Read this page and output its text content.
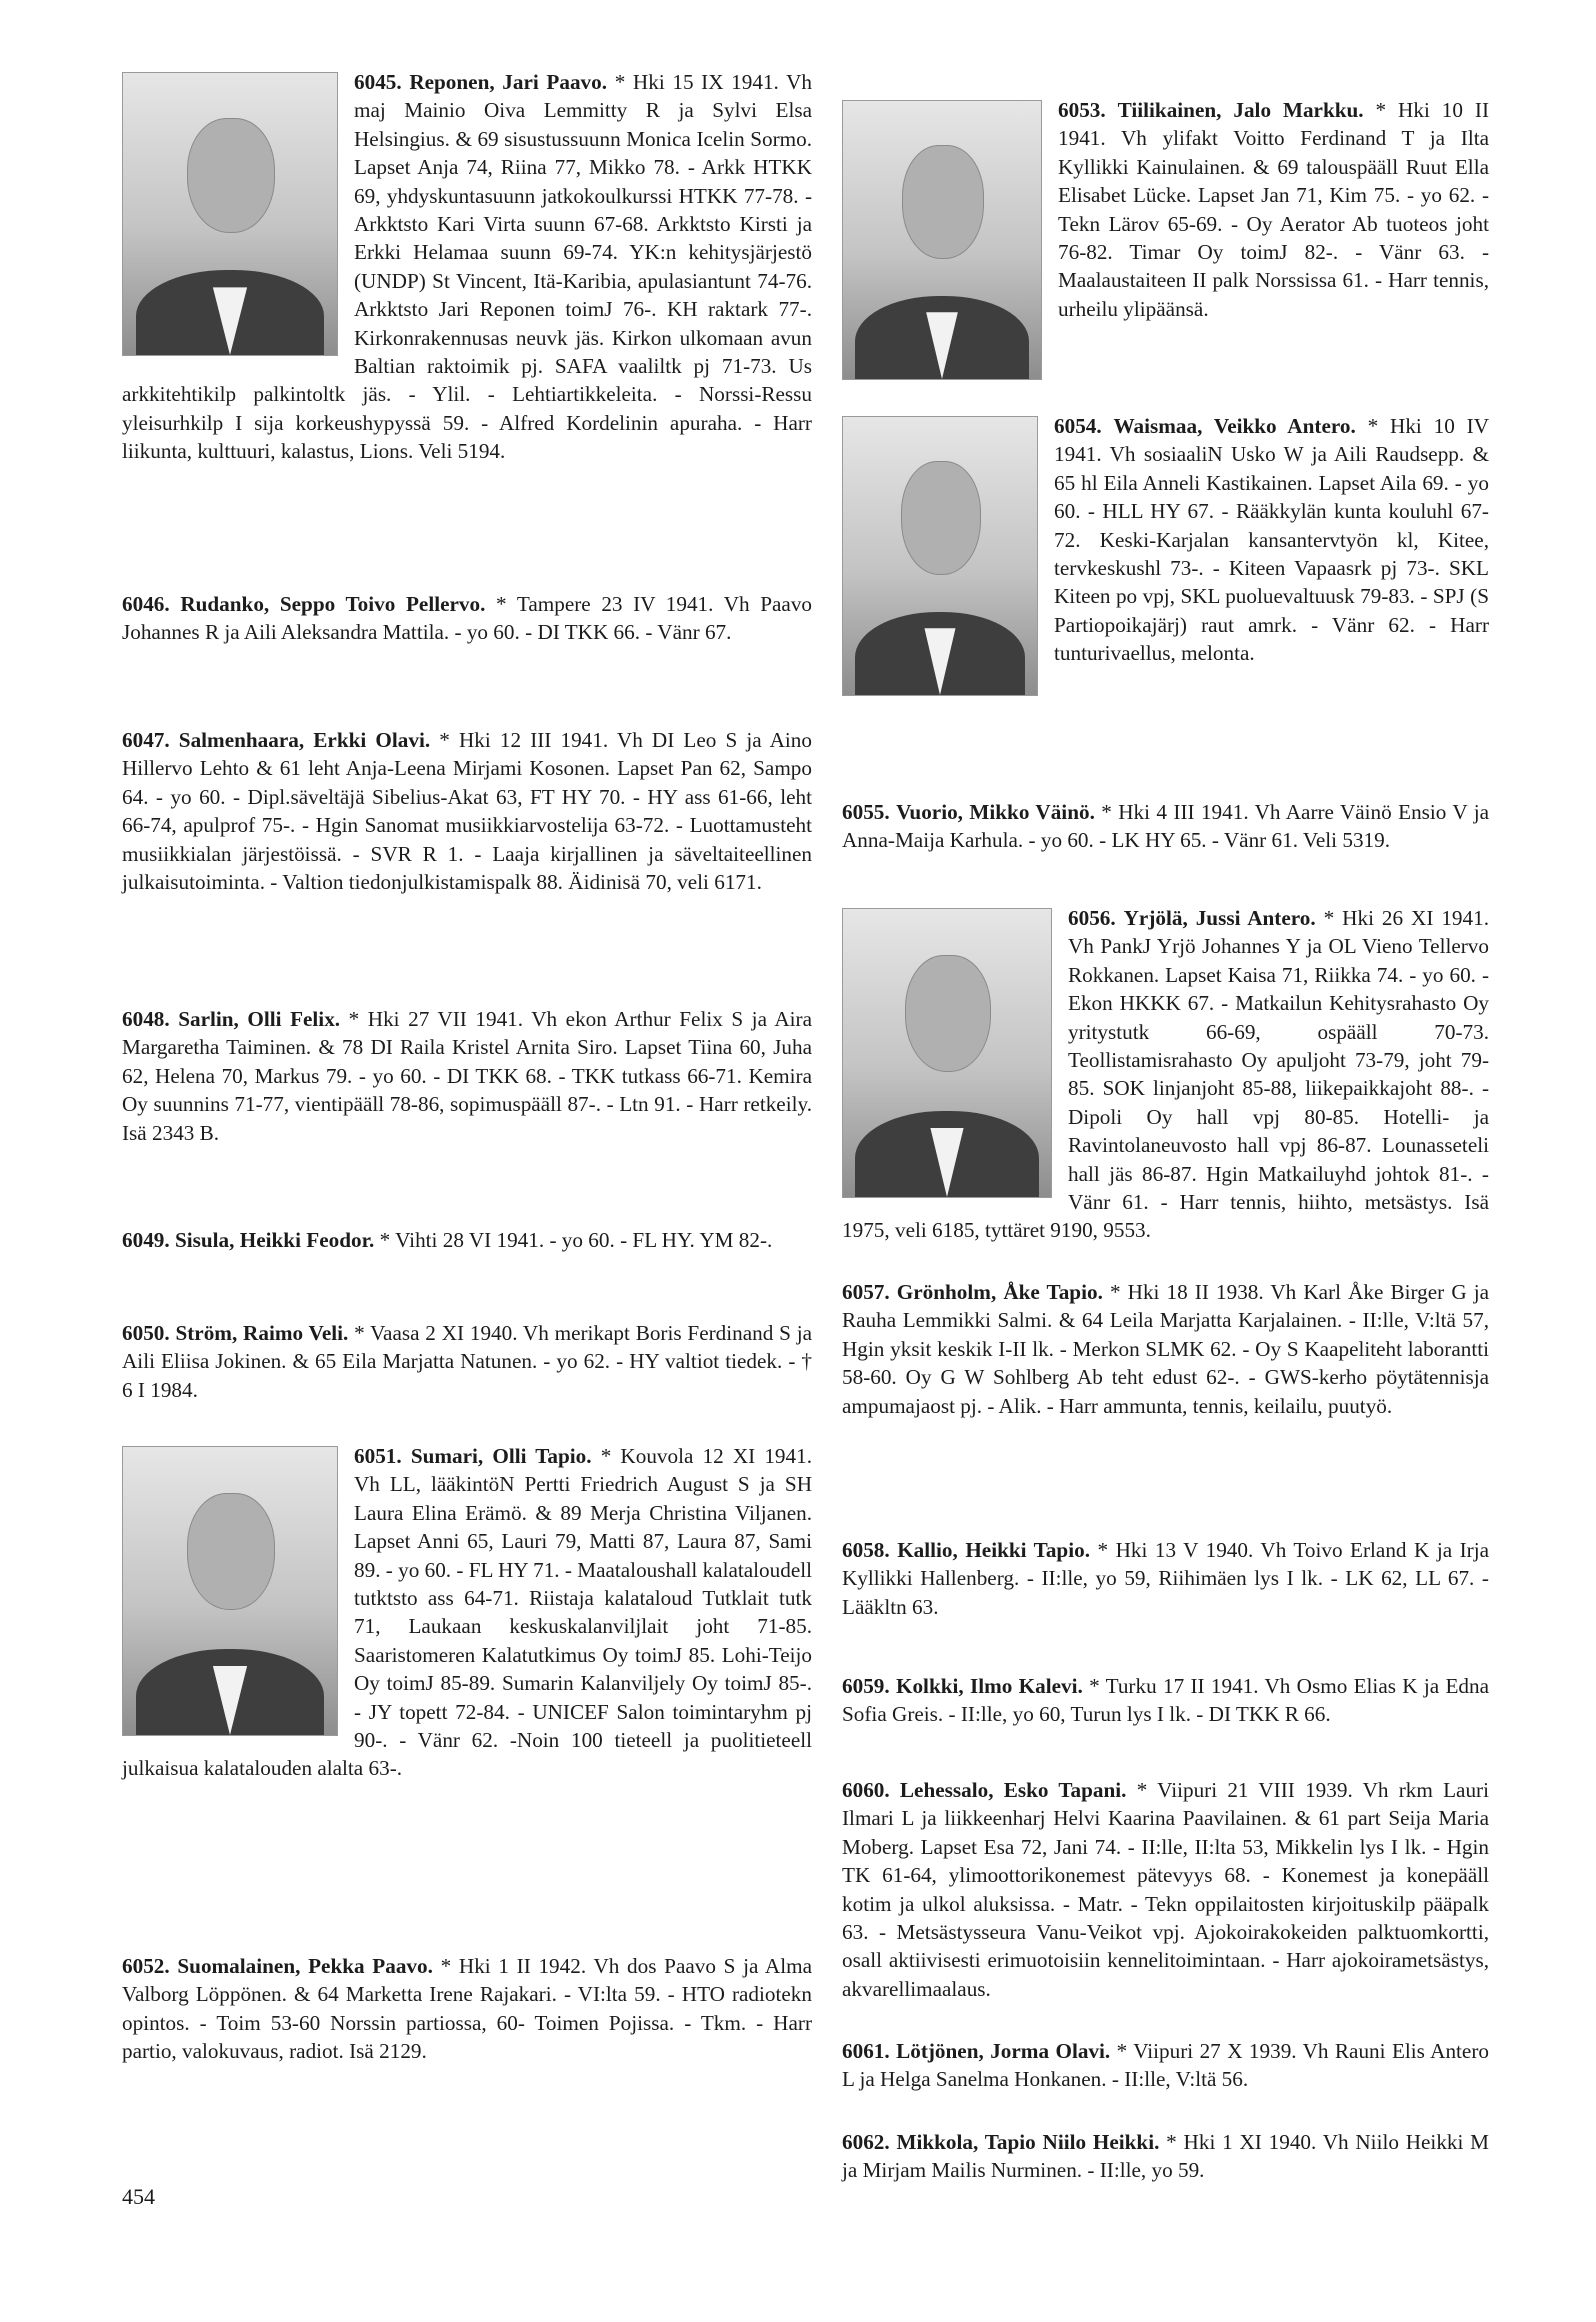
6045. Reponen, Jari Paavo. * Hki 15 IX 1941. Vh maj Mainio Oiva Lemmitty R ja Sylvi Elsa Helsingius. & 69 sisustussuunn Monica Icelin Sormo. Lapset Anja 74, Riina 77, Mikko 78. - Arkk HTKK 69, yhdyskuntasuunn jatkokoulkurssi HTKK 77-78. - Arkktsto Kari Virta suunn 67-68. Arkktsto Kirsti ja Erkki Helamaa suunn 69-74. YK:n kehitysjärjestö (UNDP) St Vincent, Itä-Karibia, apulasiantunt 74-76. Arkktsto Jari Reponen toimJ 76-. KH raktark 77-. Kirkonrakennusas neuvk jäs. Kirkon ulkomaan avun Baltian raktoimik pj. SAFA vaaliltk pj 71-73. Us arkkitehtikilp palkintoltk jäs. - Ylil. - Lehtiartikkeleita. - Norssi-Ressu yleisurhkilp I sija korkeushypyssä 59. - Alfred Kordelinin apuraha. - Harr liikunta, kulttuuri, kalastus, Lions. Veli 5194.

6046. Rudanko, Seppo Toivo Pellervo. * Tampere 23 IV 1941. Vh Paavo Johannes R ja Aili Aleksandra Mattila. - yo 60. - DI TKK 66. - Vänr 67.

6047. Salmenhaara, Erkki Olavi. * Hki 12 III 1941. Vh DI Leo S ja Aino Hillervo Lehto & 61 leht Anja-Leena Mirjami Kosonen. Lapset Pan 62, Sampo 64. - yo 60. - Dipl.säveltäjä Sibelius-Akat 63, FT HY 70. - HY ass 61-66, leht 66-74, apulprof 75-. - Hgin Sanomat musiikkiarvostelija 63-72. - Luottamusteht musiikkialan järjestöissä. - SVR R 1. - Laaja kirjallinen ja säveltaiteellinen julkaisutoiminta. - Valtion tiedonjulkistamispalk 88. Äidinisä 70, veli 6171.

6048. Sarlin, Olli Felix. * Hki 27 VII 1941. Vh ekon Arthur Felix S ja Aira Margaretha Taiminen. & 78 DI Raila Kristel Arnita Siro. Lapset Tiina 60, Juha 62, Helena 70, Markus 79. - yo 60. - DI TKK 68. - TKK tutkass 66-71. Kemira Oy suunnins 71-77, vientipääll 78-86, sopimuspääll 87-. - Ltn 91. - Harr retkeily. Isä 2343 B.

6049. Sisula, Heikki Feodor. * Vihti 28 VI 1941. - yo 60. - FL HY. YM 82-.

6050. Ström, Raimo Veli. * Vaasa 2 XI 1940. Vh merikapt Boris Ferdinand S ja Aili Eliisa Jokinen. & 65 Eila Marjatta Natunen. - yo 62. - HY valtiot tiedek. - † 6 I 1984.

6051. Sumari, Olli Tapio. * Kouvola 12 XI 1941. Vh LL, lääkintöN Pertti Friedrich August S ja SH Laura Elina Erämö. & 89 Merja Christina Viljanen. Lapset Anni 65, Lauri 79, Matti 87, Laura 87, Sami 89. - yo 60. - FL HY 71. - Maataloushall kalataloudell tutktsto ass 64-71. Riistaja kalataloud Tutklait tutk 71, Laukaan keskuskalanviljlait joht 71-85. Saaristomeren Kalatutkimus Oy toimJ 85. Lohi-Teijo Oy toimJ 85-89. Sumarin Kalanviljely Oy toimJ 85-. - JY topett 72-84. - UNICEF Salon toimintaryhm pj 90-. - Vänr 62. -Noin 100 tieteell ja puolitieteell julkaisua kalatalouden alalta 63-.

6052. Suomalainen, Pekka Paavo. * Hki 1 II 1942. Vh dos Paavo S ja Alma Valborg Löppönen. & 64 Marketta Irene Rajakari. - VI:lta 59. - HTO radiotekn opintos. - Toim 53-60 Norssin partiossa, 60- Toimen Pojissa. - Tkm. - Harr partio, valokuvaus, radiot. Isä 2129.

6053. Tiilikainen, Jalo Markku. * Hki 10 II 1941. Vh ylifakt Voitto Ferdinand T ja Ilta Kyllikki Kainulainen. & 69 talouspääll Ruut Ella Elisabet Lücke. Lapset Jan 71, Kim 75. - yo 62. - Tekn Lärov 65-69. - Oy Aerator Ab tuoteos joht 76-82. Timar Oy toimJ 82-. - Vänr 63. - Maalaustaiteen II palk Norssissa 61. - Harr tennis, urheilu ylipäänsä.

6054. Waismaa, Veikko Antero. * Hki 10 IV 1941. Vh sosiaaliN Usko W ja Aili Raudsepp. & 65 hl Eila Anneli Kastikainen. Lapset Aila 69. - yo 60. - HLL HY 67. - Rääkkylän kunta kouluhl 67-72. Keski-Karjalan kansantervtyön kl, Kitee, tervkeskushl 73-. - Kiteen Vapaasrk pj 73-. SKL Kiteen po vpj, SKL puoluevaltuusk 79-83. - SPJ (S Partiopoikajärj) raut amrk. - Vänr 62. - Harr tunturivaellus, melonta.

6055. Vuorio, Mikko Väinö. * Hki 4 III 1941. Vh Aarre Väinö Ensio V ja Anna-Maija Karhula. - yo 60. - LK HY 65. - Vänr 61. Veli 5319.

6056. Yrjölä, Jussi Antero. * Hki 26 XI 1941. Vh PankJ Yrjö Johannes Y ja OL Vieno Tellervo Rokkanen. Lapset Kaisa 71, Riikka 74. - yo 60. - Ekon HKKK 67. - Matkailun Kehitysrahasto Oy yritystutk 66-69, ospääll 70-73. Teollistamisrahasto Oy apuljoht 73-79, joht 79-85. SOK linjanjoht 85-88, liikepaikkajoht 88-. - Dipoli Oy hall vpj 80-85. Hotelli- ja Ravintolaneuvosto hall vpj 86-87. Lounasseteli hall jäs 86-87. Hgin Matkailuyhd johtok 81-. - Vänr 61. - Harr tennis, hiihto, metsästys. Isä 1975, veli 6185, tyttäret 9190, 9553.

6057. Grönholm, Åke Tapio. * Hki 18 II 1938. Vh Karl Åke Birger G ja Rauha Lemmikki Salmi. & 64 Leila Marjatta Karjalainen. - II:lle, V:ltä 57, Hgin yksit keskik I-II lk. - Merkon SLMK 62. - Oy S Kaapeliteht laborantti 58-60. Oy G W Sohlberg Ab teht edust 62-. - GWS-kerho pöytätennisja ampumajaost pj. - Alik. - Harr ammunta, tennis, keilailu, puutyö.

6058. Kallio, Heikki Tapio. * Hki 13 V 1940. Vh Toivo Erland K ja Irja Kyllikki Hallenberg. - II:lle, yo 59, Riihimäen lys I lk. - LK 62, LL 67. - Lääkltn 63.

6059. Kolkki, Ilmo Kalevi. * Turku 17 II 1941. Vh Osmo Elias K ja Edna Sofia Greis. - II:lle, yo 60, Turun lys I lk. - DI TKK R 66.

6060. Lehessalo, Esko Tapani. * Viipuri 21 VIII 1939. Vh rkm Lauri Ilmari L ja liikkeenharj Helvi Kaarina Paavilainen. & 61 part Seija Maria Moberg. Lapset Esa 72, Jani 74. - II:lle, II:lta 53, Mikkelin lys I lk. - Hgin TK 61-64, ylimoottorikonemest pätevyys 68. - Konemest ja konepääll kotim ja ulkol aluksissa. - Matr. - Tekn oppilaitosten kirjoituskilp pääpalk 63. - Metsästysseura Vanu-Veikot vpj. Ajokoirakokeiden palktuomkortti, osall aktiivisesti erimuotoisiin kennelitoimintaan. - Harr ajokoirametsästys, akvarellimaalaus.

6061. Lötjönen, Jorma Olavi. * Viipuri 27 X 1939. Vh Rauni Elis Antero L ja Helga Sanelma Honkanen. - II:lle, V:ltä 56.

6062. Mikkola, Tapio Niilo Heikki. * Hki 1 XI 1940. Vh Niilo Heikki M ja Mirjam Mailis Nurminen. - II:lle, yo 59.

454
